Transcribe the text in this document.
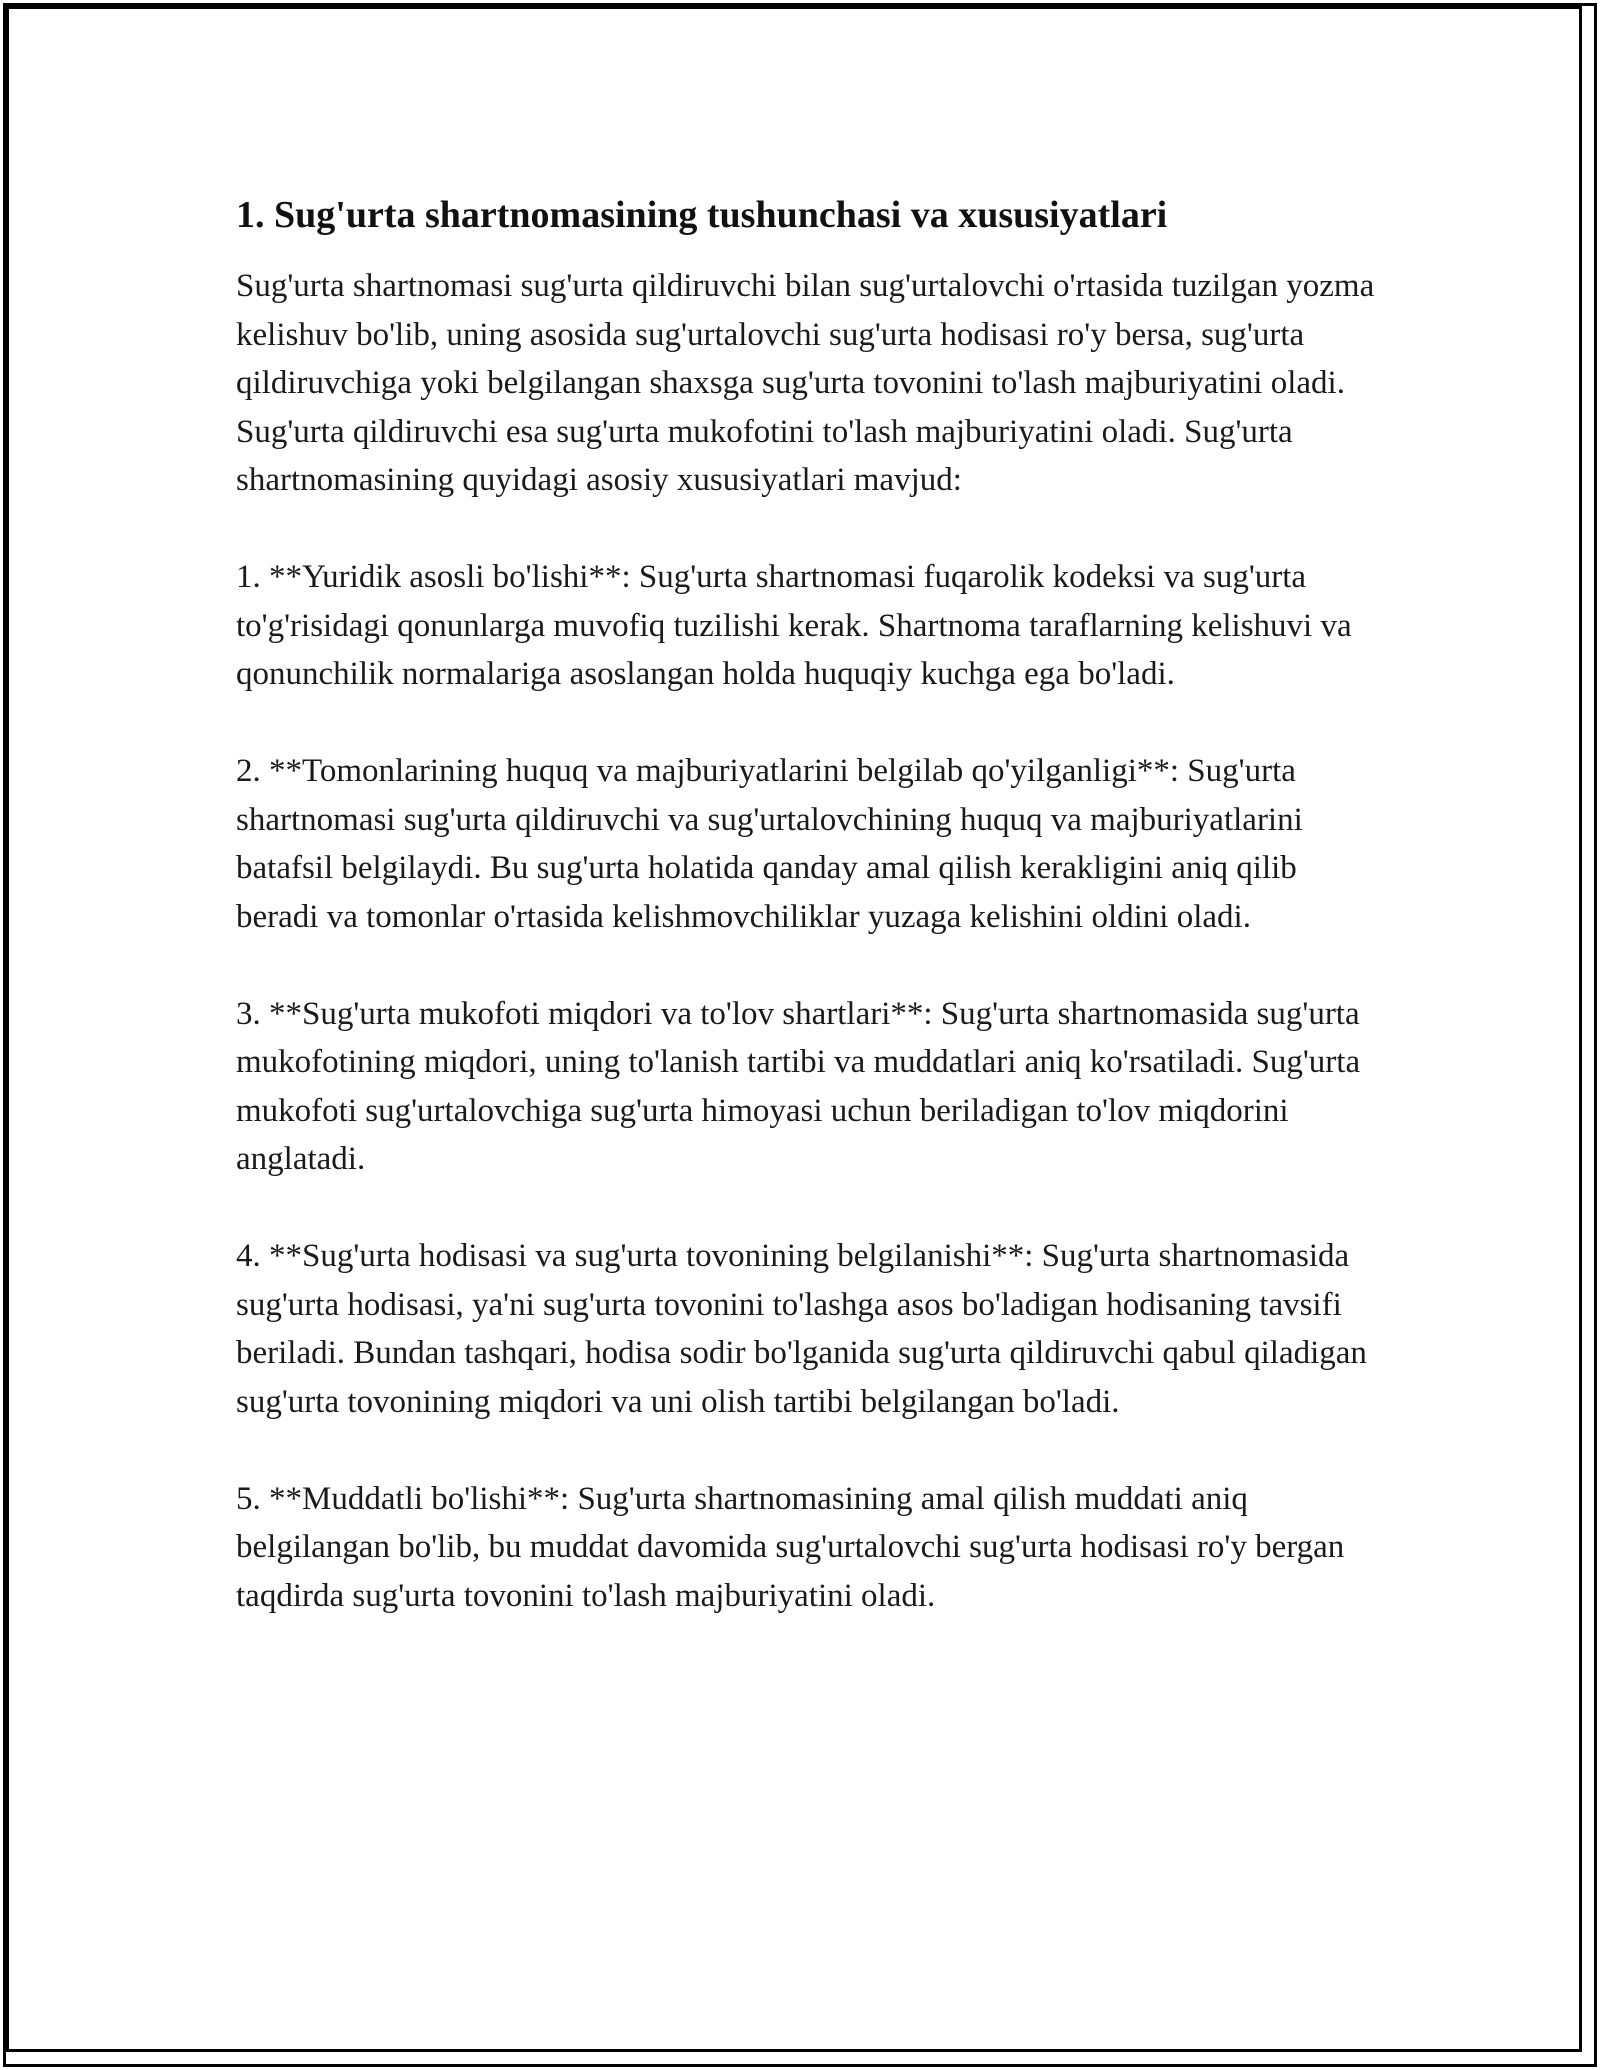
1. Sug'urta shartnomasining tushunchasi va xususiyatlari

Sug'urta shartnomasi sug'urta qildiruvchi bilan sug'urtalovchi o'rtasida tuzilgan yozma kelishuv bo'lib, uning asosida sug'urtalovchi sug'urta hodisasi ro'y bersa, sug'urta qildiruvchiga yoki belgilangan shaxsga sug'urta tovonini to'lash majburiyatini oladi. Sug'urta qildiruvchi esa sug'urta mukofotini to'lash majburiyatini oladi. Sug'urta shartnomasining quyidagi asosiy xususiyatlari mavjud:

1. **Yuridik asosli bo'lishi**: Sug'urta shartnomasi fuqarolik kodeksi va sug'urta to'g'risidagi qonunlarga muvofiq tuzilishi kerak. Shartnoma taraflarning kelishuvi va qonunchilik normalariga asoslangan holda huquqiy kuchga ega bo'ladi.

2. **Tomonlarining huquq va majburiyatlarini belgilab qo'yilganligi**: Sug'urta shartnomasi sug'urta qildiruvchi va sug'urtalovchining huquq va majburiyatlarini batafsil belgilaydi. Bu sug'urta holatida qanday amal qilish kerakligini aniq qilib beradi va tomonlar o'rtasida kelishmovchiliklar yuzaga kelishini oldini oladi.

3. **Sug'urta mukofoti miqdori va to'lov shartlari**: Sug'urta shartnomasida sug'urta mukofotining miqdori, uning to'lanish tartibi va muddatlari aniq ko'rsatiladi. Sug'urta mukofoti sug'urtalovchiga sug'urta himoyasi uchun beriladigan to'lov miqdorini anglatadi.

4. **Sug'urta hodisasi va sug'urta tovonining belgilanishi**: Sug'urta shartnomasida sug'urta hodisasi, ya'ni sug'urta tovonini to'lashga asos bo'ladigan hodisaning tavsifi beriladi. Bundan tashqari, hodisa sodir bo'lganida sug'urta qildiruvchi qabul qiladigan sug'urta tovonining miqdori va uni olish tartibi belgilangan bo'ladi.

5. **Muddatli bo'lishi**: Sug'urta shartnomasining amal qilish muddati aniq belgilangan bo'lib, bu muddat davomida sug'urtalovchi sug'urta hodisasi ro'y bergan taqdirda sug'urta tovonini to'lash majburiyatini oladi.
